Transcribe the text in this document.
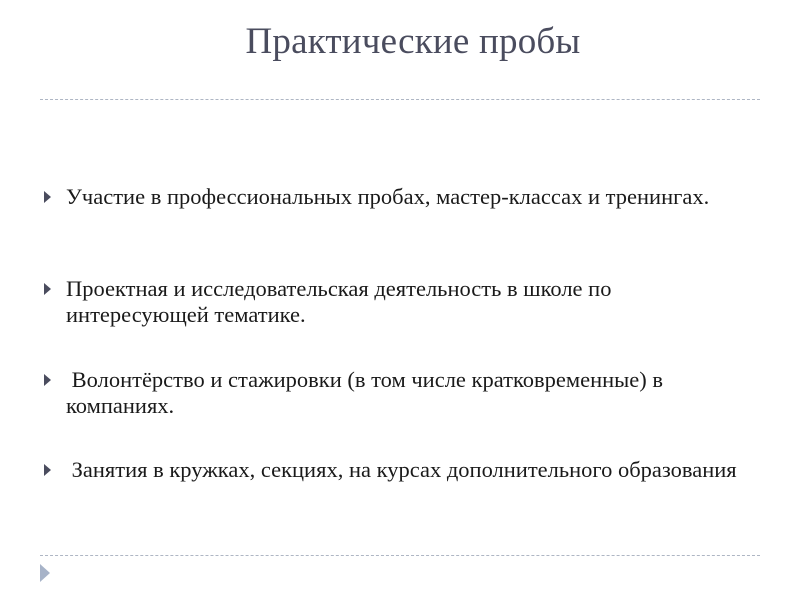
Практические пробы

Участие в профессиональных пробах, мастер-классах и тренингах.

Проектная и исследовательская деятельность в школе по интересующей тематике.

Волонтёрство и стажировки (в том числе кратковременные) в компаниях.

Занятия в кружках, секциях, на курсах дополнительного образования
